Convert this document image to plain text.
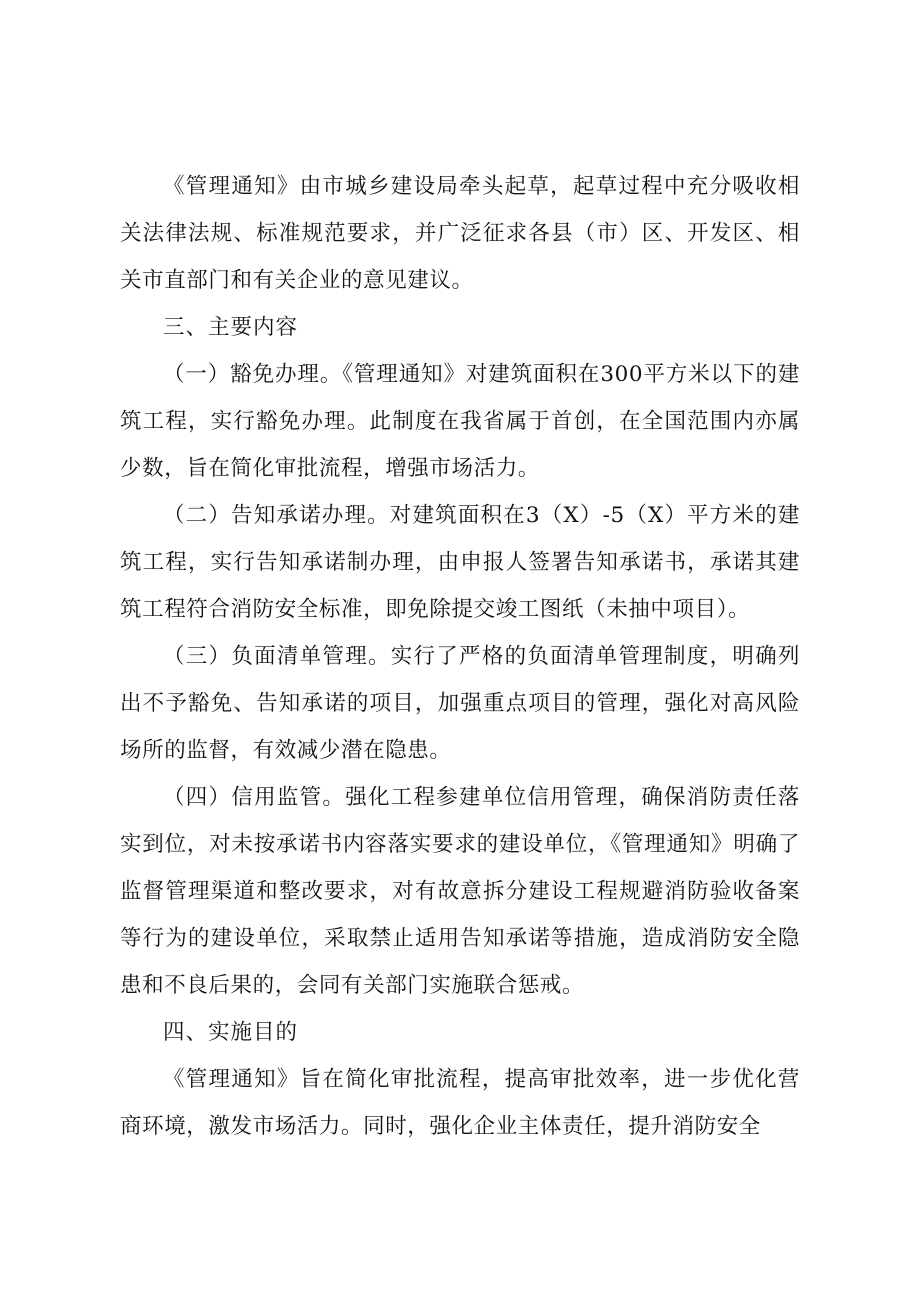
《管理通知》由市城乡建设局牵头起草，起草过程中充分吸收相关法律法规、标准规范要求，并广泛征求各县（市）区、开发区、相关市直部门和有关企业的意见建议。

三、主要内容

（一）豁免办理。《管理通知》对建筑面积在300平方米以下的建筑工程，实行豁免办理。此制度在我省属于首创，在全国范围内亦属少数，旨在简化审批流程，增强市场活力。

（二）告知承诺办理。对建筑面积在3（X）-5（X）平方米的建筑工程，实行告知承诺制办理，由申报人签署告知承诺书，承诺其建筑工程符合消防安全标准，即免除提交竣工图纸（未抽中项目）。

（三）负面清单管理。实行了严格的负面清单管理制度，明确列出不予豁免、告知承诺的项目，加强重点项目的管理，强化对高风险场所的监督，有效减少潜在隐患。

（四）信用监管。强化工程参建单位信用管理，确保消防责任落实到位，对未按承诺书内容落实要求的建设单位，《管理通知》明确了监督管理渠道和整改要求，对有故意拆分建设工程规避消防验收备案等行为的建设单位，采取禁止适用告知承诺等措施，造成消防安全隐患和不良后果的，会同有关部门实施联合惩戒。

四、实施目的

《管理通知》旨在简化审批流程，提高审批效率，进一步优化营商环境，激发市场活力。同时，强化企业主体责任，提升消防安全
